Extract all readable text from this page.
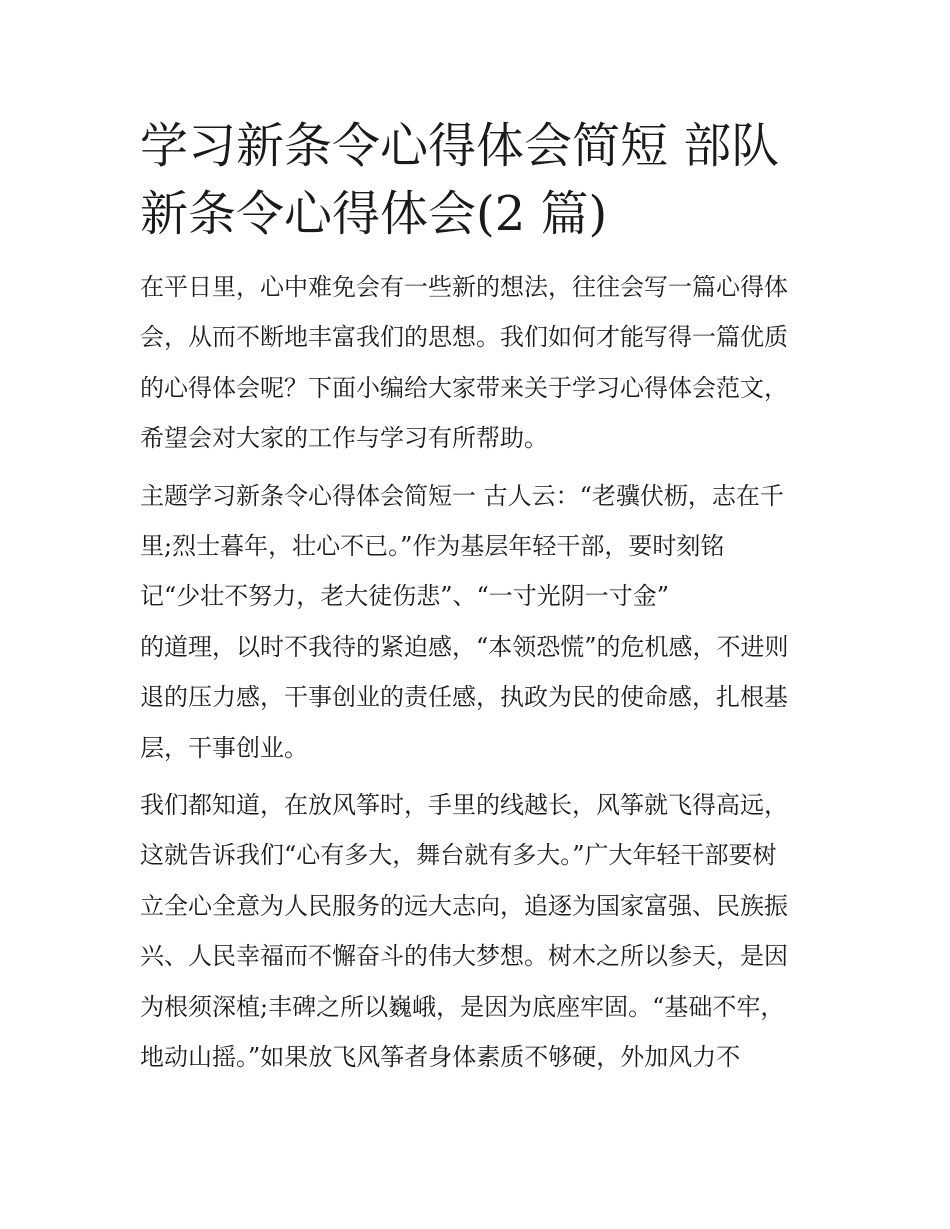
学习新条令心得体会简短 部队
新条令心得体会(2 篇)
在平日里，心中难免会有一些新的想法，往往会写一篇心得体
会，从而不断地丰富我们的思想。我们如何才能写得一篇优质
的心得体会呢？下面小编给大家带来关于学习心得体会范文，
希望会对大家的工作与学习有所帮助。
主题学习新条令心得体会简短一 古人云：“老骥伏枥，志在千
里;烈士暮年，壮心不已。”作为基层年轻干部，要时刻铭
记“少壮不努力，老大徒伤悲”、“一寸光阴一寸金”
的道理，以时不我待的紧迫感，“本领恐慌”的危机感，不进则
退的压力感，干事创业的责任感，执政为民的使命感，扎根基
层，干事创业。
我们都知道，在放风筝时，手里的线越长，风筝就飞得高远，
这就告诉我们“心有多大，舞台就有多大。”广大年轻干部要树
立全心全意为人民服务的远大志向，追逐为国家富强、民族振
兴、人民幸福而不懈奋斗的伟大梦想。树木之所以参天，是因
为根须深植;丰碑之所以巍峨，是因为底座牢固。“基础不牢，
地动山摇。”如果放飞风筝者身体素质不够硬，外加风力不
